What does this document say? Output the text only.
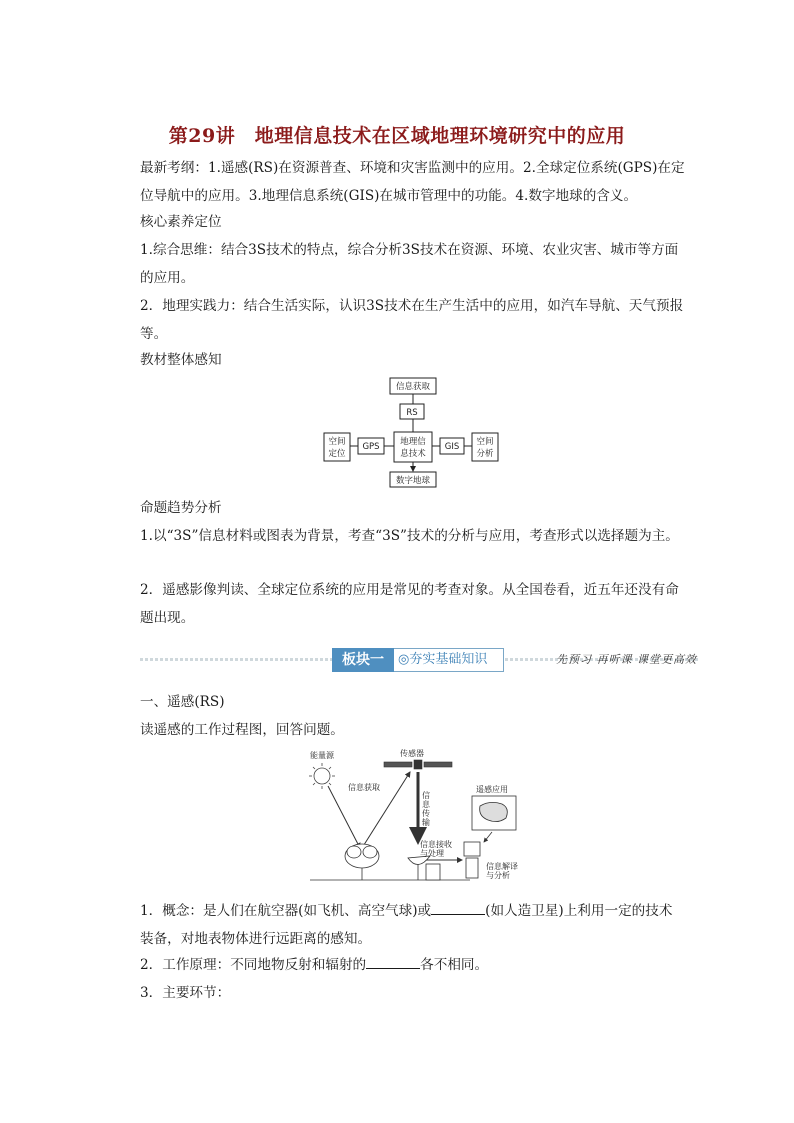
第29讲　地理信息技术在区域地理环境研究中的应用
最新考纲：1.遥感(RS)在资源普查、环境和灾害监测中的应用。2.全球定位系统(GPS)在定位导航中的应用。3.地理信息系统(GIS)在城市管理中的功能。4.数字地球的含义。
核心素养定位
1.综合思维：结合3S技术的特点，综合分析3S技术在资源、环境、农业灾害、城市等方面的应用。
2．地理实践力：结合生活实际，认识3S技术在生产生活中的应用，如汽车导航、天气预报等。
教材整体感知
信息获取
RS
空间
定位
GPS 地理信
息技术
GIS 空间
分析
数字地球
命题趋势分析
1.以“3S”信息材料或图表为背景，考查“3S”技术的分析与应用，考查形式以选择题为主。
2．遥感影像判读、全球定位系统的应用是常见的考查对象。从全国卷看，近五年还没有命题出现。
板块一	◎夯实基础知识	先预习 再听课 课堂更高效
一、遥感(RS)
读遥感的工作过程图，回答问题。
能量源	传感器
信息获取
信
息
传
输
信息接收
与处理
遥感应用
信息解译
与分析
1．概念：是人们在航空器(如飞机、高空气球)或	(如人造卫星)上利用一定的技术装备，对地表物体进行远距离的感知。
2．工作原理：不同地物反射和辐射的	各不相同。
3．主要环节：
